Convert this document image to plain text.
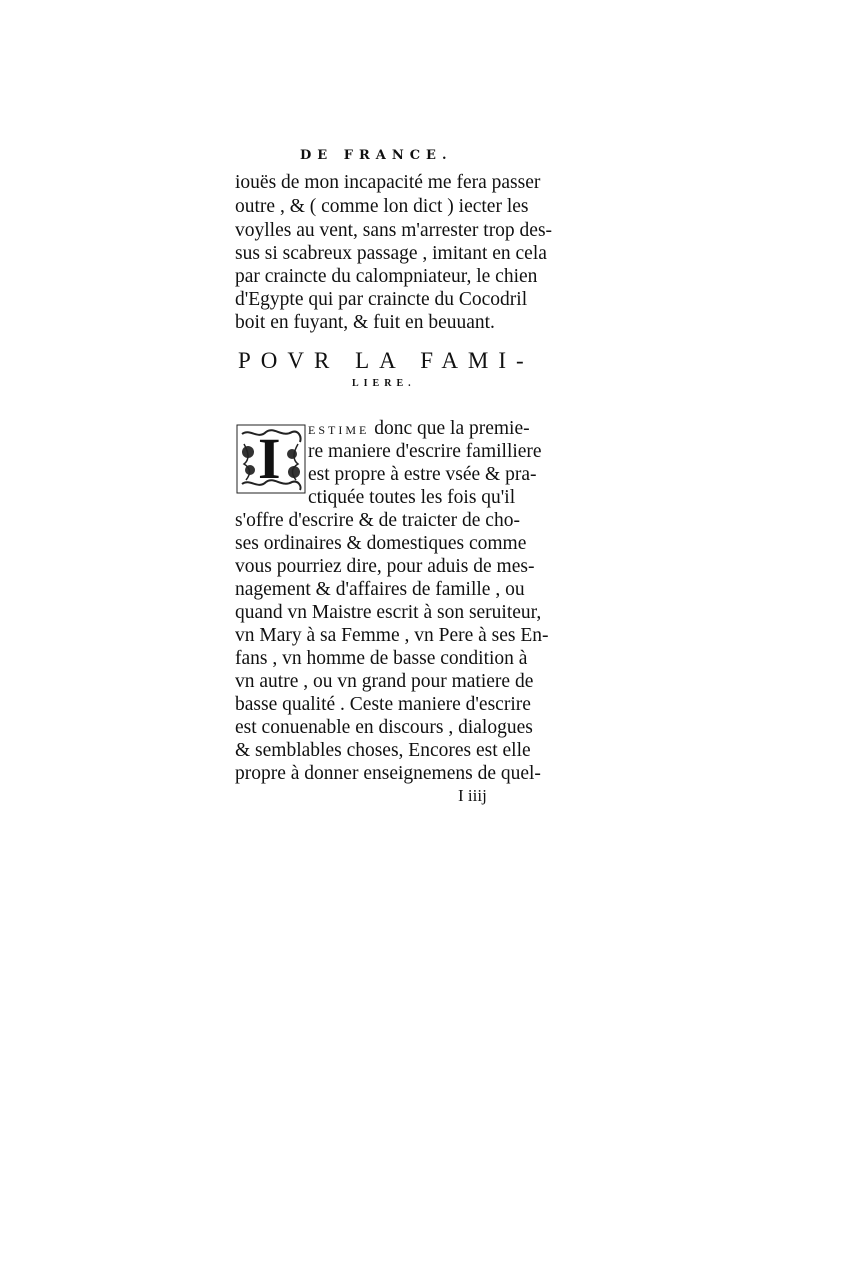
DE FRANCE.
iouës de mon incapacité me fera passer
outre , & ( comme lon dict ) iecter les
voylles au vent, sans m'arrester trop des-
sus si scabreux passage , imitant en cela
par craincte du calompniateur, le chien
d'Egypte qui par craincte du Cocodril
boit en fuyant, & fuit en beuuant.
POVR LA FAMI-
LIERE.
I ESTIME donc que la premie-
re maniere d'escrire familliere
est propre à estre vsée & pra-
ctiquée toutes les fois qu'il
s'offre d'escrire & de traicter de cho-
ses ordinaires & domestiques comme
vous pourriez dire, pour aduis de mes-
nagement & d'affaires de famille , ou
quand vn Maistre escrit à son seruiteur,
vn Mary à sa Femme , vn Pere à ses En-
fans , vn homme de basse condition à
vn autre , ou vn grand pour matiere de
basse qualité . Ceste maniere d'escrire
est conuenable en discours , dialogues
& semblables choses, Encores est elle
propre à donner enseignemens de quel-
I iiij
